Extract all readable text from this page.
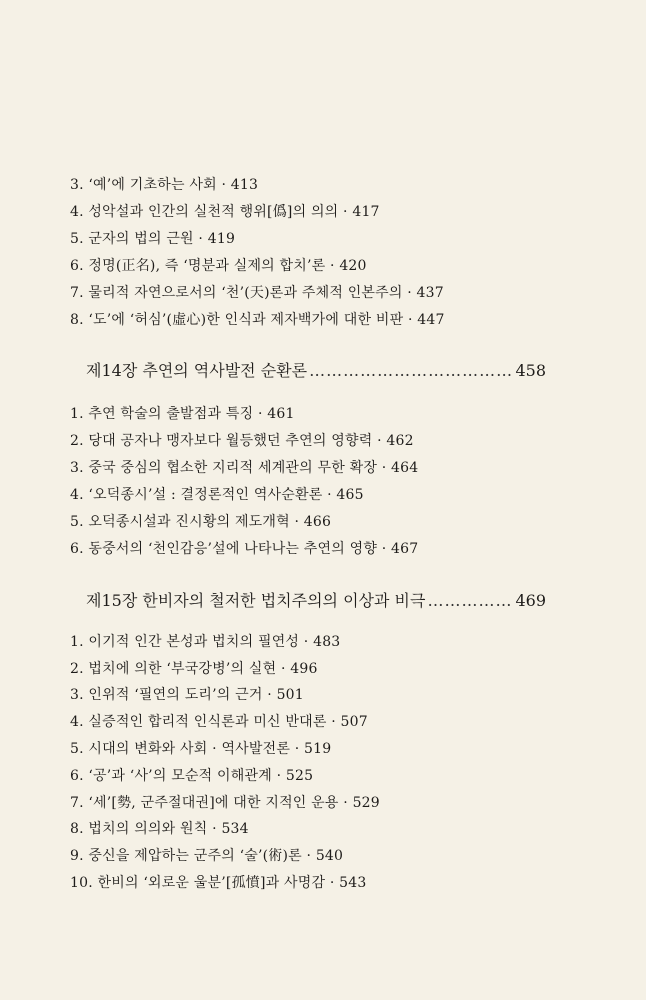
3. ‘예’에 기초하는 사회 · 413
4. 성악설과 인간의 실천적 행위[僞]의 의의 · 417
5. 군자의 법의 근원 · 419
6. 정명(正名), 즉 ‘명분과 실제의 합치’론 · 420
7. 물리적 자연으로서의 ‘천’(天)론과 주체적 인본주의 · 437
8. ‘도’에 ‘허심’(虛心)한 인식과 제자백가에 대한 비판 · 447
제14장 추연의 역사발전 순환론 ………………………………………………………………………………	458
1. 추연 학술의 출발점과 특징 · 461
2. 당대 공자나 맹자보다 월등했던 추연의 영향력 · 462
3. 중국 중심의 협소한 지리적 세계관의 무한 확장 · 464
4. ‘오덕종시’설 : 결정론적인 역사순환론 · 465
5. 오덕종시설과 진시황의 제도개혁 · 466
6. 동중서의 ‘천인감응’설에 나타나는 추연의 영향 · 467
제15장 한비자의 철저한 법치주의의 이상과 비극 ………………………………………………………………………………	469
1. 이기적 인간 본성과 법치의 필연성 · 483
2. 법치에 의한 ‘부국강병’의 실현 · 496
3. 인위적 ‘필연의 도리’의 근거 · 501
4. 실증적인 합리적 인식론과 미신 반대론 · 507
5. 시대의 변화와 사회 · 역사발전론 · 519
6. ‘공’과 ‘사’의 모순적 이해관계 · 525
7. ‘세’[勢, 군주절대권]에 대한 지적인 운용 · 529
8. 법치의 의의와 원칙 · 534
9. 중신을 제압하는 군주의 ‘술’(術)론 · 540
10. 한비의 ‘외로운 울분’[孤憤]과 사명감 · 543
